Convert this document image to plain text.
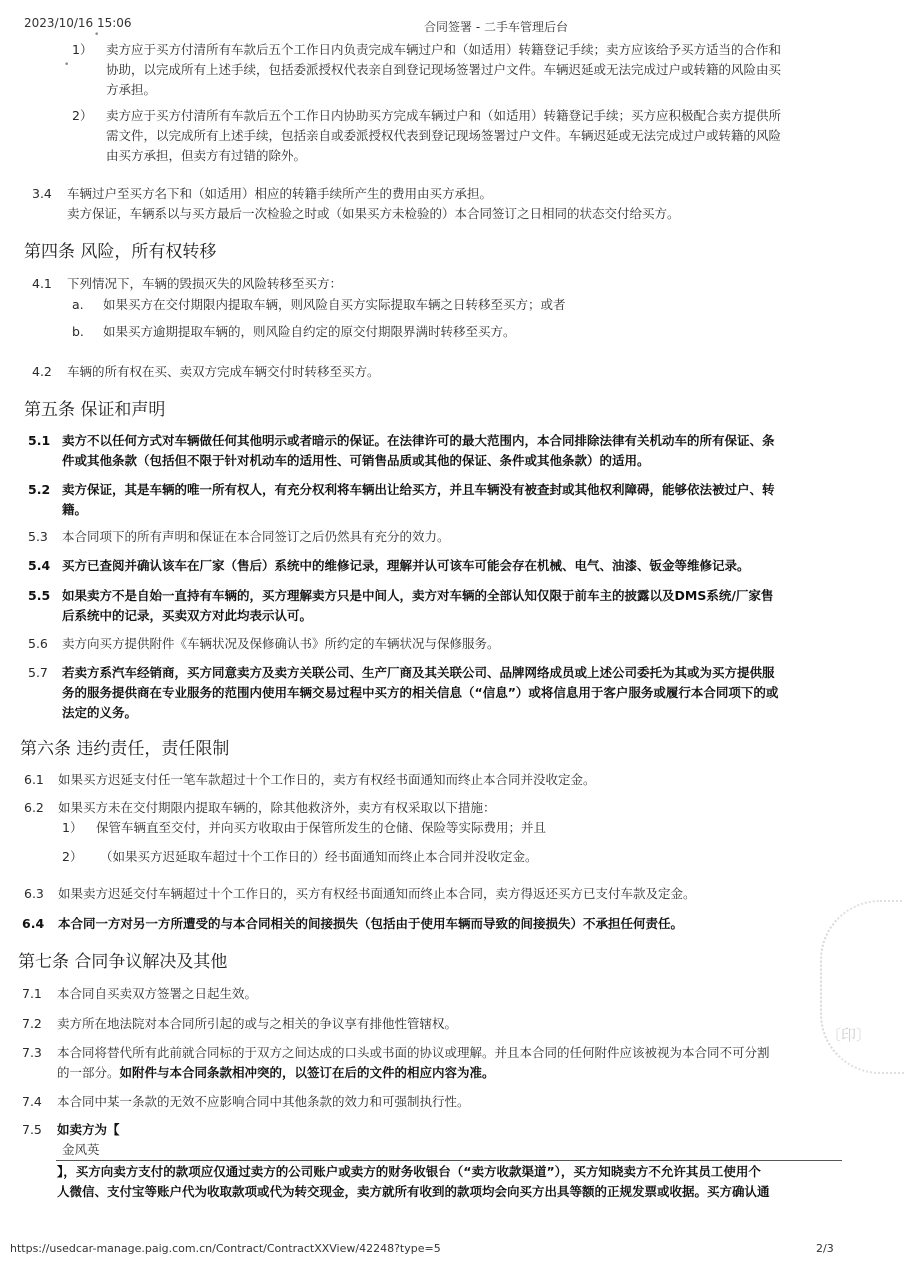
2023/10/16 15:06	合同签署 - 二手车管理后台
•
•
1） 卖方应于买方付清所有车款后五个工作日内负责完成车辆过户和（如适用）转籍登记手续；卖方应该给予买方适当的合作和
协助，以完成所有上述手续，包括委派授权代表亲自到登记现场签署过户文件。车辆迟延或无法完成过户或转籍的风险由买
方承担。
2） 卖方应于买方付清所有车款后五个工作日内协助买方完成车辆过户和（如适用）转籍登记手续；买方应积极配合卖方提供所
需文件，以完成所有上述手续，包括亲自或委派授权代表到登记现场签署过户文件。车辆迟延或无法完成过户或转籍的风险
由买方承担，但卖方有过错的除外。
3.4 车辆过户至买方名下和（如适用）相应的转籍手续所产生的费用由买方承担。
卖方保证，车辆系以与买方最后一次检验之时或（如果买方未检验的）本合同签订之日相同的状态交付给买方。
第四条 风险，所有权转移
4.1 下列情况下，车辆的毁损灭失的风险转移至买方：
a. 如果买方在交付期限内提取车辆，则风险自买方实际提取车辆之日转移至买方；或者
b. 如果买方逾期提取车辆的，则风险自约定的原交付期限界满时转移至买方。
4.2 车辆的所有权在买、卖双方完成车辆交付时转移至买方。
第五条 保证和声明
5.1 卖方不以任何方式对车辆做任何其他明示或者暗示的保证。在法律许可的最大范围内，本合同排除法律有关机动车的所有保证、条
件或其他条款（包括但不限于针对机动车的适用性、可销售品质或其他的保证、条件或其他条款）的适用。
5.2 卖方保证，其是车辆的唯一所有权人，有充分权利将车辆出让给买方，并且车辆没有被查封或其他权利障碍，能够依法被过户、转
籍。
5.3 本合同项下的所有声明和保证在本合同签订之后仍然具有充分的效力。
5.4 买方已查阅并确认该车在厂家（售后）系统中的维修记录，理解并认可该车可能会存在机械、电气、油漆、钣金等维修记录。
5.5 如果卖方不是自始一直持有车辆的，买方理解卖方只是中间人，卖方对车辆的全部认知仅限于前车主的披露以及DMS系统/厂家售
后系统中的记录，买卖双方对此均表示认可。
5.6 卖方向买方提供附件《车辆状况及保修确认书》所约定的车辆状况与保修服务。
5.7 若卖方系汽车经销商，买方同意卖方及卖方关联公司、生产厂商及其关联公司、品牌网络成员或上述公司委托为其或为买方提供服
务的服务提供商在专业服务的范围内使用车辆交易过程中买方的相关信息（“信息”）或将信息用于客户服务或履行本合同项下的或
法定的义务。
第六条 违约责任，责任限制
6.1 如果买方迟延支付任一笔车款超过十个工作日的，卖方有权经书面通知而终止本合同并没收定金。
6.2 如果买方未在交付期限内提取车辆的，除其他救济外，卖方有权采取以下措施：
1） 保管车辆直至交付，并向买方收取由于保管所发生的仓储、保险等实际费用；并且
2） （如果买方迟延取车超过十个工作日的）经书面通知而终止本合同并没收定金。
6.3 如果卖方迟延交付车辆超过十个工作日的，买方有权经书面通知而终止本合同，卖方得返还买方已支付车款及定金。
6.4 本合同一方对另一方所遭受的与本合同相关的间接损失（包括由于使用车辆而导致的间接损失）不承担任何责任。
第七条 合同争议解决及其他
7.1 本合同自买卖双方签署之日起生效。
7.2 卖方所在地法院对本合同所引起的或与之相关的争议享有排他性管辖权。
7.3 本合同将替代所有此前就合同标的于双方之间达成的口头或书面的协议或理解。并且本合同的任何附件应该被视为本合同不可分割
的一部分。如附件与本合同条款相冲突的，以签订在后的文件的相应内容为准。
7.4 本合同中某一条款的无效不应影响合同中其他条款的效力和可强制执行性。
7.5 如卖方为【
金风英
】，买方向卖方支付的款项应仅通过卖方的公司账户或卖方的财务收银台（“卖方收款渠道”），买方知晓卖方不允许其员工使用个
人微信、支付宝等账户代为收取款项或代为转交现金，卖方就所有收到的款项均会向买方出具等额的正规发票或收据。买方确认通
〔印〕
https://usedcar-manage.paig.com.cn/Contract/ContractXXView/42248?type=5	2/3
